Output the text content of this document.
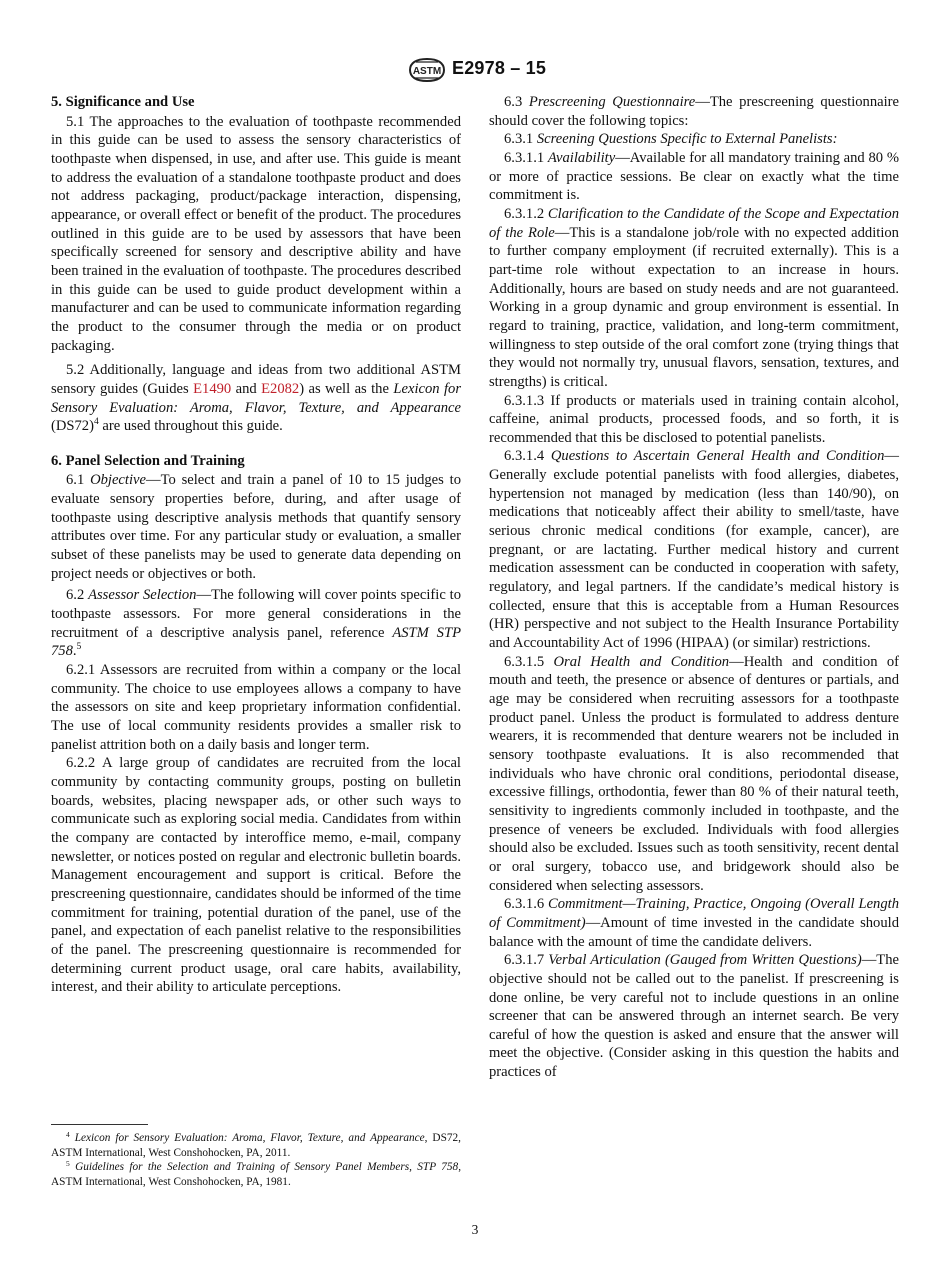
ASTM E2978 – 15
5. Significance and Use

5.1 The approaches to the evaluation of toothpaste recommended in this guide can be used to assess the sensory characteristics of toothpaste when dispensed, in use, and after use. This guide is meant to address the evaluation of a standalone toothpaste product and does not address packaging, product/package interaction, dispensing, appearance, or overall effect or benefit of the product. The procedures outlined in this guide are to be used by assessors that have been specifically screened for sensory and descriptive ability and have been trained in the evaluation of toothpaste. The procedures described in this guide can be used to guide product development within a manufacturer and can be used to communicate information regarding the product to the consumer through the media or on product packaging.

5.2 Additionally, language and ideas from two additional ASTM sensory guides (Guides E1490 and E2082) as well as the Lexicon for Sensory Evaluation: Aroma, Flavor, Texture, and Appearance $(DS72)^4$ are used throughout this guide.

6. Panel Selection and Training

6.1 Objective—To select and train a panel of 10 to 15 judges to evaluate sensory properties before, during, and after usage of toothpaste using descriptive analysis methods that quantify sensory attributes over time. For any particular study or evaluation, a smaller subset of these panelists may be used to generate data depending on project needs or objectives or both.

6.2 Assessor Selection—The following will cover points specific to toothpaste assessors. For more general considerations in the recruitment of a descriptive analysis panel, reference ASTM STP 758.$^5$

6.2.1 Assessors are recruited from within a company or the local community. The choice to use employees allows a company to have the assessors on site and keep proprietary information confidential. The use of local community residents provides a smaller risk to panelist attrition both on a daily basis and longer term.

6.2.2 A large group of candidates are recruited from the local community by contacting community groups, posting on bulletin boards, websites, placing newspaper ads, or other such ways to communicate such as exploring social media. Candidates from within the company are contacted by interoffice memo, e-mail, company newsletter, or notices posted on regular and electronic bulletin boards. Management encouragement and support is critical. Before the prescreening questionnaire, candidates should be informed of the time commitment for training, potential duration of the panel, use of the panel, and expectation of each panelist relative to the responsibilities of the panel. The prescreening questionnaire is recommended for determining current product usage, oral care habits, availability, interest, and their ability to articulate perceptions.

$^4$ Lexicon for Sensory Evaluation: Aroma, Flavor, Texture, and Appearance, DS72, ASTM International, West Conshohocken, PA, 2011.

$^5$ Guidelines for the Selection and Training of Sensory Panel Members, STP 758, ASTM International, West Conshohocken, PA, 1981.

6.3 Prescreening Questionnaire—The prescreening questionnaire should cover the following topics:

6.3.1 Screening Questions Specific to External Panelists:

6.3.1.1 Availability—Available for all mandatory training and 80 % or more of practice sessions. Be clear on exactly what the time commitment is.

6.3.1.2 Clarification to the Candidate of the Scope and Expectation of the Role—This is a standalone job/role with no expected addition to further company employment (if recruited externally). This is a part-time role without expectation to an increase in hours. Additionally, hours are based on study needs and are not guaranteed. Working in a group dynamic and group environment is essential. In regard to training, practice, validation, and long-term commitment, willingness to step outside of the oral comfort zone (trying things that they would not normally try, unusual flavors, sensation, textures, and strengths) is critical.

6.3.1.3 If products or materials used in training contain alcohol, caffeine, animal products, processed foods, and so forth, it is recommended that this be disclosed to potential panelists.

6.3.1.4 Questions to Ascertain General Health and Condition—Generally exclude potential panelists with food allergies, diabetes, hypertension not managed by medication (less than 140/90), on medications that noticeably affect their ability to smell/taste, have serious chronic medical conditions (for example, cancer), are pregnant, or are lactating. Further medical history and current medication assessment can be conducted in cooperation with safety, regulatory, and legal partners. If the candidate’s medical history is collected, ensure that this is acceptable from a Human Resources (HR) perspective and not subject to the Health Insurance Portability and Accountability Act of 1996 (HIPAA) (or similar) restrictions.

6.3.1.5 Oral Health and Condition—Health and condition of mouth and teeth, the presence or absence of dentures or partials, and age may be considered when recruiting assessors for a toothpaste product panel. Unless the product is formulated to address denture wearers, it is recommended that denture wearers not be included in sensory toothpaste evaluations. It is also recommended that individuals who have chronic oral conditions, periodontal disease, excessive fillings, orthodontia, fewer than 80 % of their natural teeth, sensitivity to ingredients commonly included in toothpaste, and the presence of veneers be excluded. Individuals with food allergies should also be excluded. Issues such as tooth sensitivity, recent dental or oral surgery, tobacco use, and bridgework should also be considered when selecting assessors.

6.3.1.6 Commitment—Training, Practice, Ongoing (Overall Length of Commitment)—Amount of time invested in the candidate should balance with the amount of time the candidate delivers.

6.3.1.7 Verbal Articulation (Gauged from Written Questions)—The objective should not be called out to the panelist. If prescreening is done online, be very careful not to include questions in an online screener that can be answered through an internet search. Be very careful of how the question is asked and ensure that the answer will meet the objective. (Consider asking in this question the habits and practices of

3
